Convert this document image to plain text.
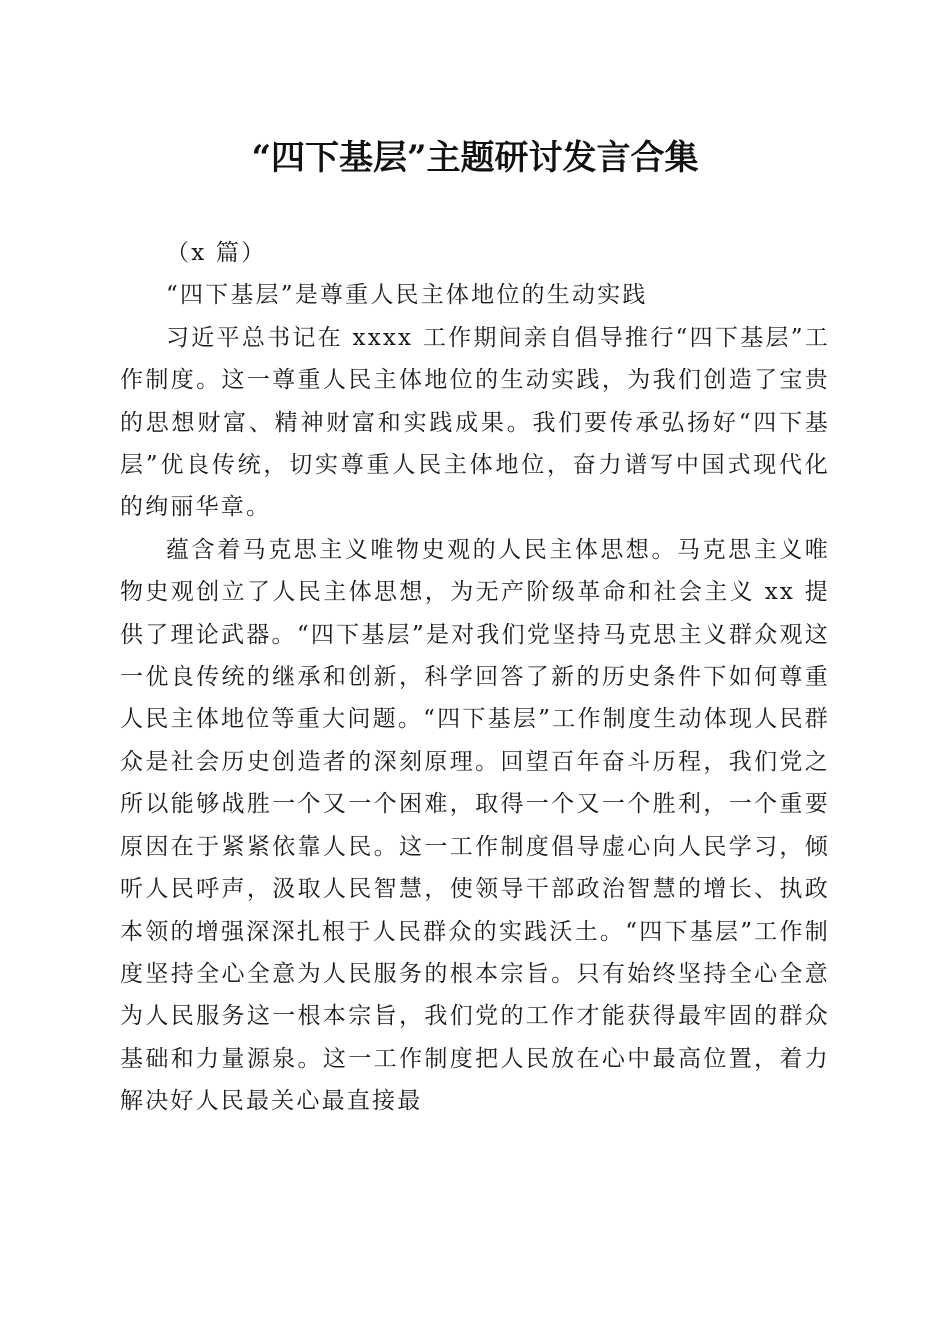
“四下基层”主题研讨发言合集

（x 篇）

“四下基层”是尊重人民主体地位的生动实践

习近平总书记在 xxxx 工作期间亲自倡导推行“四下基层”工作制度。这一尊重人民主体地位的生动实践，为我们创造了宝贵的思想财富、精神财富和实践成果。我们要传承弘扬好“四下基层”优良传统，切实尊重人民主体地位，奋力谱写中国式现代化的绚丽华章。

蕴含着马克思主义唯物史观的人民主体思想。马克思主义唯物史观创立了人民主体思想，为无产阶级革命和社会主义 xx 提供了理论武器。“四下基层”是对我们党坚持马克思主义群众观这一优良传统的继承和创新，科学回答了新的历史条件下如何尊重人民主体地位等重大问题。“四下基层”工作制度生动体现人民群众是社会历史创造者的深刻原理。回望百年奋斗历程，我们党之所以能够战胜一个又一个困难，取得一个又一个胜利，一个重要原因在于紧紧依靠人民。这一工作制度倡导虚心向人民学习，倾听人民呼声，汲取人民智慧，使领导干部政治智慧的增长、执政本领的增强深深扎根于人民群众的实践沃土。“四下基层”工作制度坚持全心全意为人民服务的根本宗旨。只有始终坚持全心全意为人民服务这一根本宗旨，我们党的工作才能获得最牢固的群众基础和力量源泉。这一工作制度把人民放在心中最高位置，着力解决好人民最关心最直接最
